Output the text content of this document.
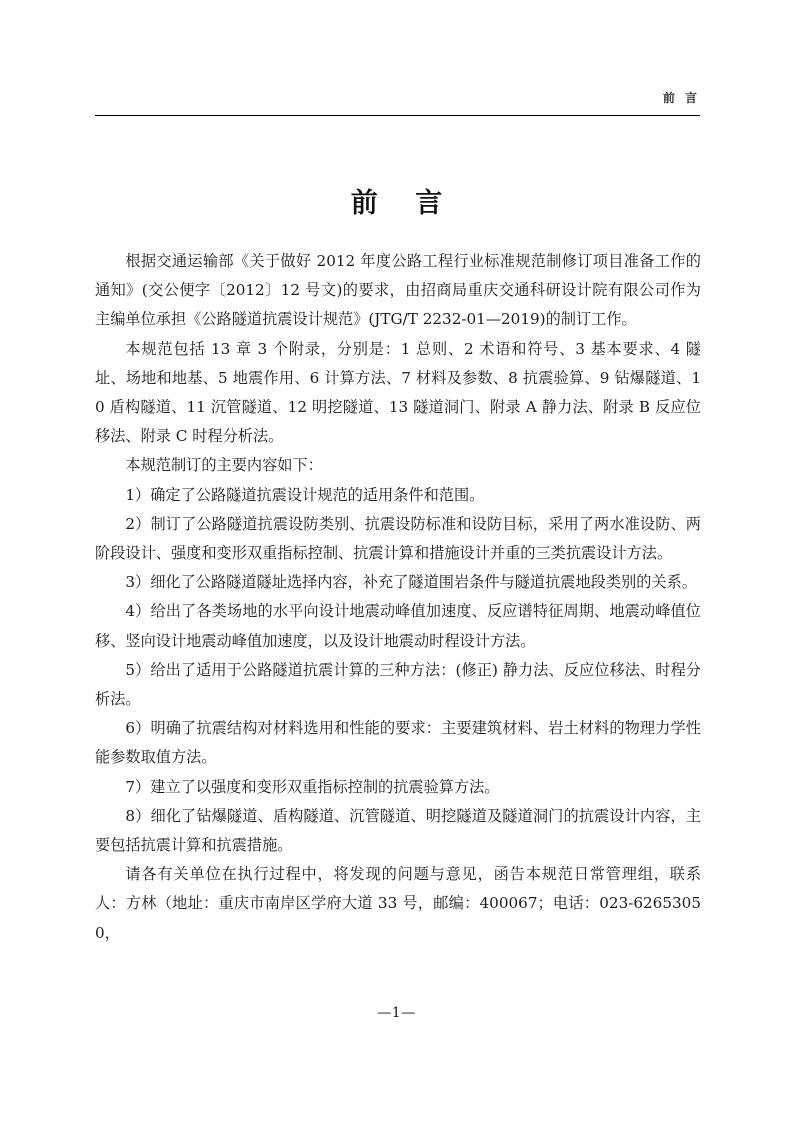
前 言
前 言

根据交通运输部《关于做好 2012 年度公路工程行业标准规范制修订项目准备工作的通知》(交公便字〔2012〕12 号文)的要求，由招商局重庆交通科研设计院有限公司作为主编单位承担《公路隧道抗震设计规范》(JTG/T 2232-01—2019)的制订工作。

本规范包括 13 章 3 个附录，分别是：1 总则、2 术语和符号、3 基本要求、4 隧址、场地和地基、5 地震作用、6 计算方法、7 材料及参数、8 抗震验算、9 钻爆隧道、10 盾构隧道、11 沉管隧道、12 明挖隧道、13 隧道洞门、附录 A 静力法、附录 B 反应位移法、附录 C 时程分析法。

本规范制订的主要内容如下：

1）确定了公路隧道抗震设计规范的适用条件和范围。

2）制订了公路隧道抗震设防类别、抗震设防标准和设防目标，采用了两水准设防、两阶段设计、强度和变形双重指标控制、抗震计算和措施设计并重的三类抗震设计方法。

3）细化了公路隧道隧址选择内容，补充了隧道围岩条件与隧道抗震地段类别的关系。

4）给出了各类场地的水平向设计地震动峰值加速度、反应谱特征周期、地震动峰值位移、竖向设计地震动峰值加速度，以及设计地震动时程设计方法。

5）给出了适用于公路隧道抗震计算的三种方法：(修正) 静力法、反应位移法、时程分析法。

6）明确了抗震结构对材料选用和性能的要求：主要建筑材料、岩土材料的物理力学性能参数取值方法。

7）建立了以强度和变形双重指标控制的抗震验算方法。

8）细化了钻爆隧道、盾构隧道、沉管隧道、明挖隧道及隧道洞门的抗震设计内容，主要包括抗震计算和抗震措施。

请各有关单位在执行过程中，将发现的问题与意见，函告本规范日常管理组，联系人：方林（地址：重庆市南岸区学府大道 33 号，邮编：400067；电话：023-62653050，

—1—
